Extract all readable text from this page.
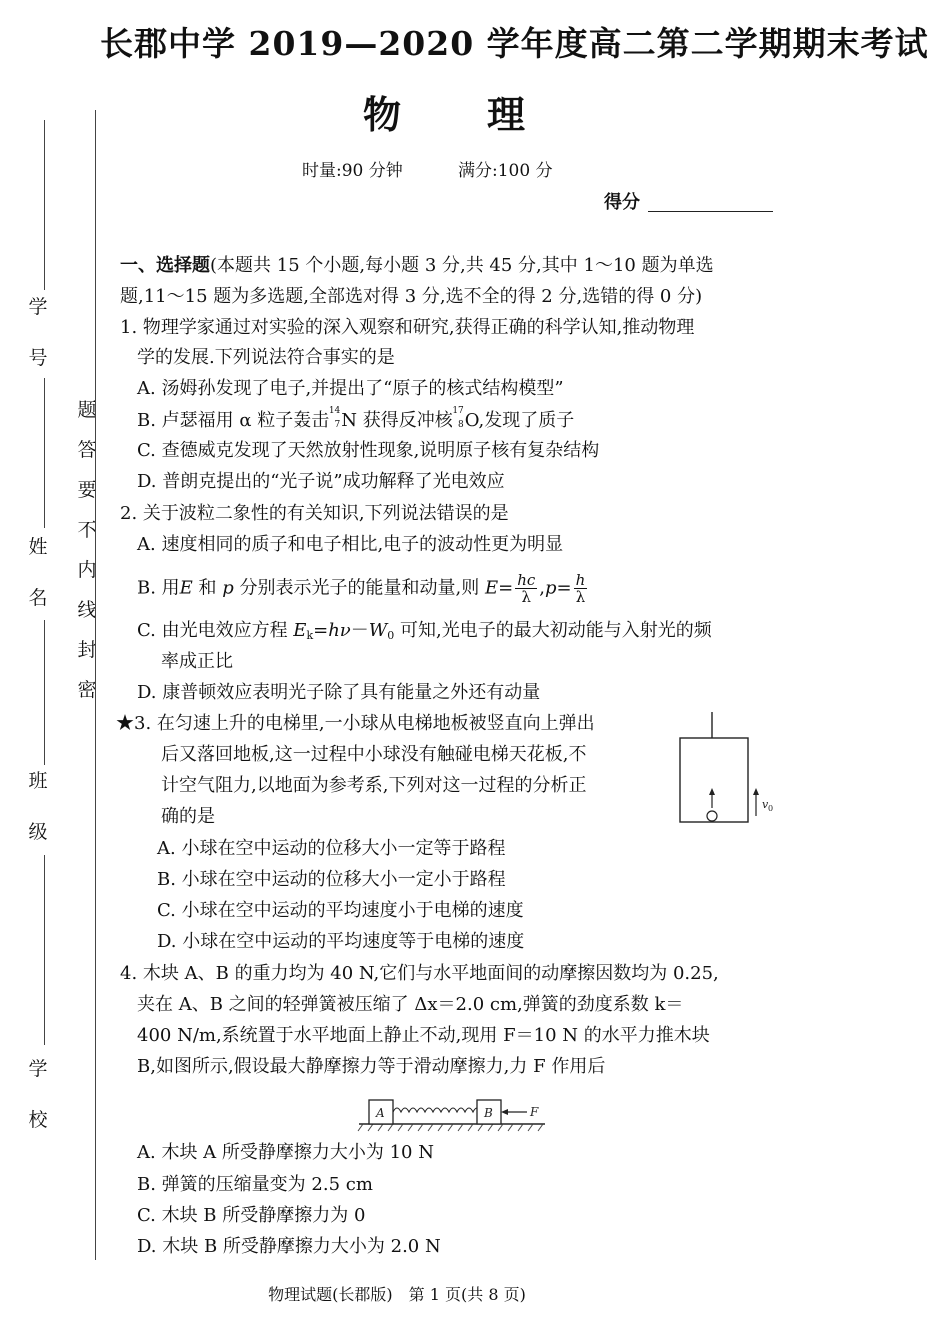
学
号
姓
名
班
级
学
校
题
答
要
不
内
线
封
密
长郡中学 2019—2020 学年度高二第二学期期末考试
物 理
时量:90 分钟	满分:100 分
得分
一、选择题(本题共 15 个小题,每小题 3 分,共 45 分,其中 1～10 题为单选
题,11～15 题为多选题,全部选对得 3 分,选不全的得 2 分,选错的得 0 分)
1. 物理学家通过对实验的深入观察和研究,获得正确的科学认知,推动物理
学的发展.下列说法符合事实的是
A. 汤姆孙发现了电子,并提出了“原子的核式结构模型”
B. 卢瑟福用 α 粒子轰击 14
7 N 获得反冲核 17
8 O,发现了质子
C. 查德威克发现了天然放射性现象,说明原子核有复杂结构
D. 普朗克提出的“光子说”成功解释了光电效应
2. 关于波粒二象性的有关知识,下列说法错误的是
A. 速度相同的质子和电子相比,电子的波动性更为明显
B. 用E 和 p 分别表示光子的能量和动量,则 $E= \frac{hc}{\lambda} ,p= \frac{h}{\lambda}$
C. 由光电效应方程 $E_k=h\nu-W_0$ 可知,光电子的最大初动能与入射光的频
率成正比
D. 康普顿效应表明光子除了具有能量之外还有动量
★3. 在匀速上升的电梯里,一小球从电梯地板被竖直向上弹出
后又落回地板,这一过程中小球没有触碰电梯天花板,不
计空气阻力,以地面为参考系,下列对这一过程的分析正
确的是
A. 小球在空中运动的位移大小一定等于路程
B. 小球在空中运动的位移大小一定小于路程
C. 小球在空中运动的平均速度小于电梯的速度
D. 小球在空中运动的平均速度等于电梯的速度
v 0
4. 木块 A、B 的重力均为 40 N,它们与水平地面间的动摩擦因数均为 0.25,
夹在 A、B 之间的轻弹簧被压缩了 Δx＝2.0 cm,弹簧的劲度系数 k＝
400 N/m,系统置于水平地面上静止不动,现用 F＝10 N 的水平力推木块
B,如图所示,假设最大静摩擦力等于滑动摩擦力,力 F 作用后
A	B	F
A. 木块 A 所受静摩擦力大小为 10 N
B. 弹簧的压缩量变为 2.5 cm
C. 木块 B 所受静摩擦力为 0
D. 木块 B 所受静摩擦力大小为 2.0 N
物理试题(长郡版)　第 1 页(共 8 页)
